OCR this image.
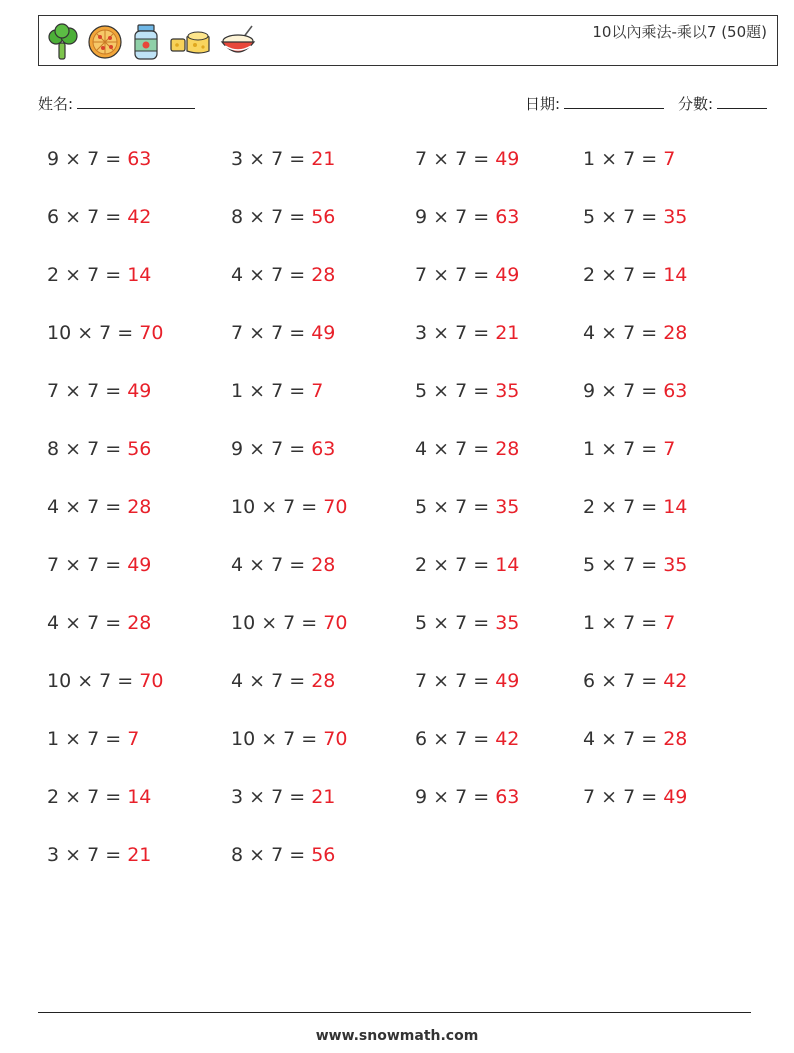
10以內乘法-乘以7 (50題)
姓名:	日期:	分數:
9 × 7 = 63	3 × 7 = 21	7 × 7 = 49	1 × 7 = 7
6 × 7 = 42	8 × 7 = 56	9 × 7 = 63	5 × 7 = 35
2 × 7 = 14	4 × 7 = 28	7 × 7 = 49	2 × 7 = 14
10 × 7 = 70	7 × 7 = 49	3 × 7 = 21	4 × 7 = 28
7 × 7 = 49	1 × 7 = 7	5 × 7 = 35	9 × 7 = 63
8 × 7 = 56	9 × 7 = 63	4 × 7 = 28	1 × 7 = 7
4 × 7 = 28	10 × 7 = 70	5 × 7 = 35	2 × 7 = 14
7 × 7 = 49	4 × 7 = 28	2 × 7 = 14	5 × 7 = 35
4 × 7 = 28	10 × 7 = 70	5 × 7 = 35	1 × 7 = 7
10 × 7 = 70	4 × 7 = 28	7 × 7 = 49	6 × 7 = 42
1 × 7 = 7	10 × 7 = 70	6 × 7 = 42	4 × 7 = 28
2 × 7 = 14	3 × 7 = 21	9 × 7 = 63	7 × 7 = 49
3 × 7 = 21	8 × 7 = 56
www.snowmath.com
